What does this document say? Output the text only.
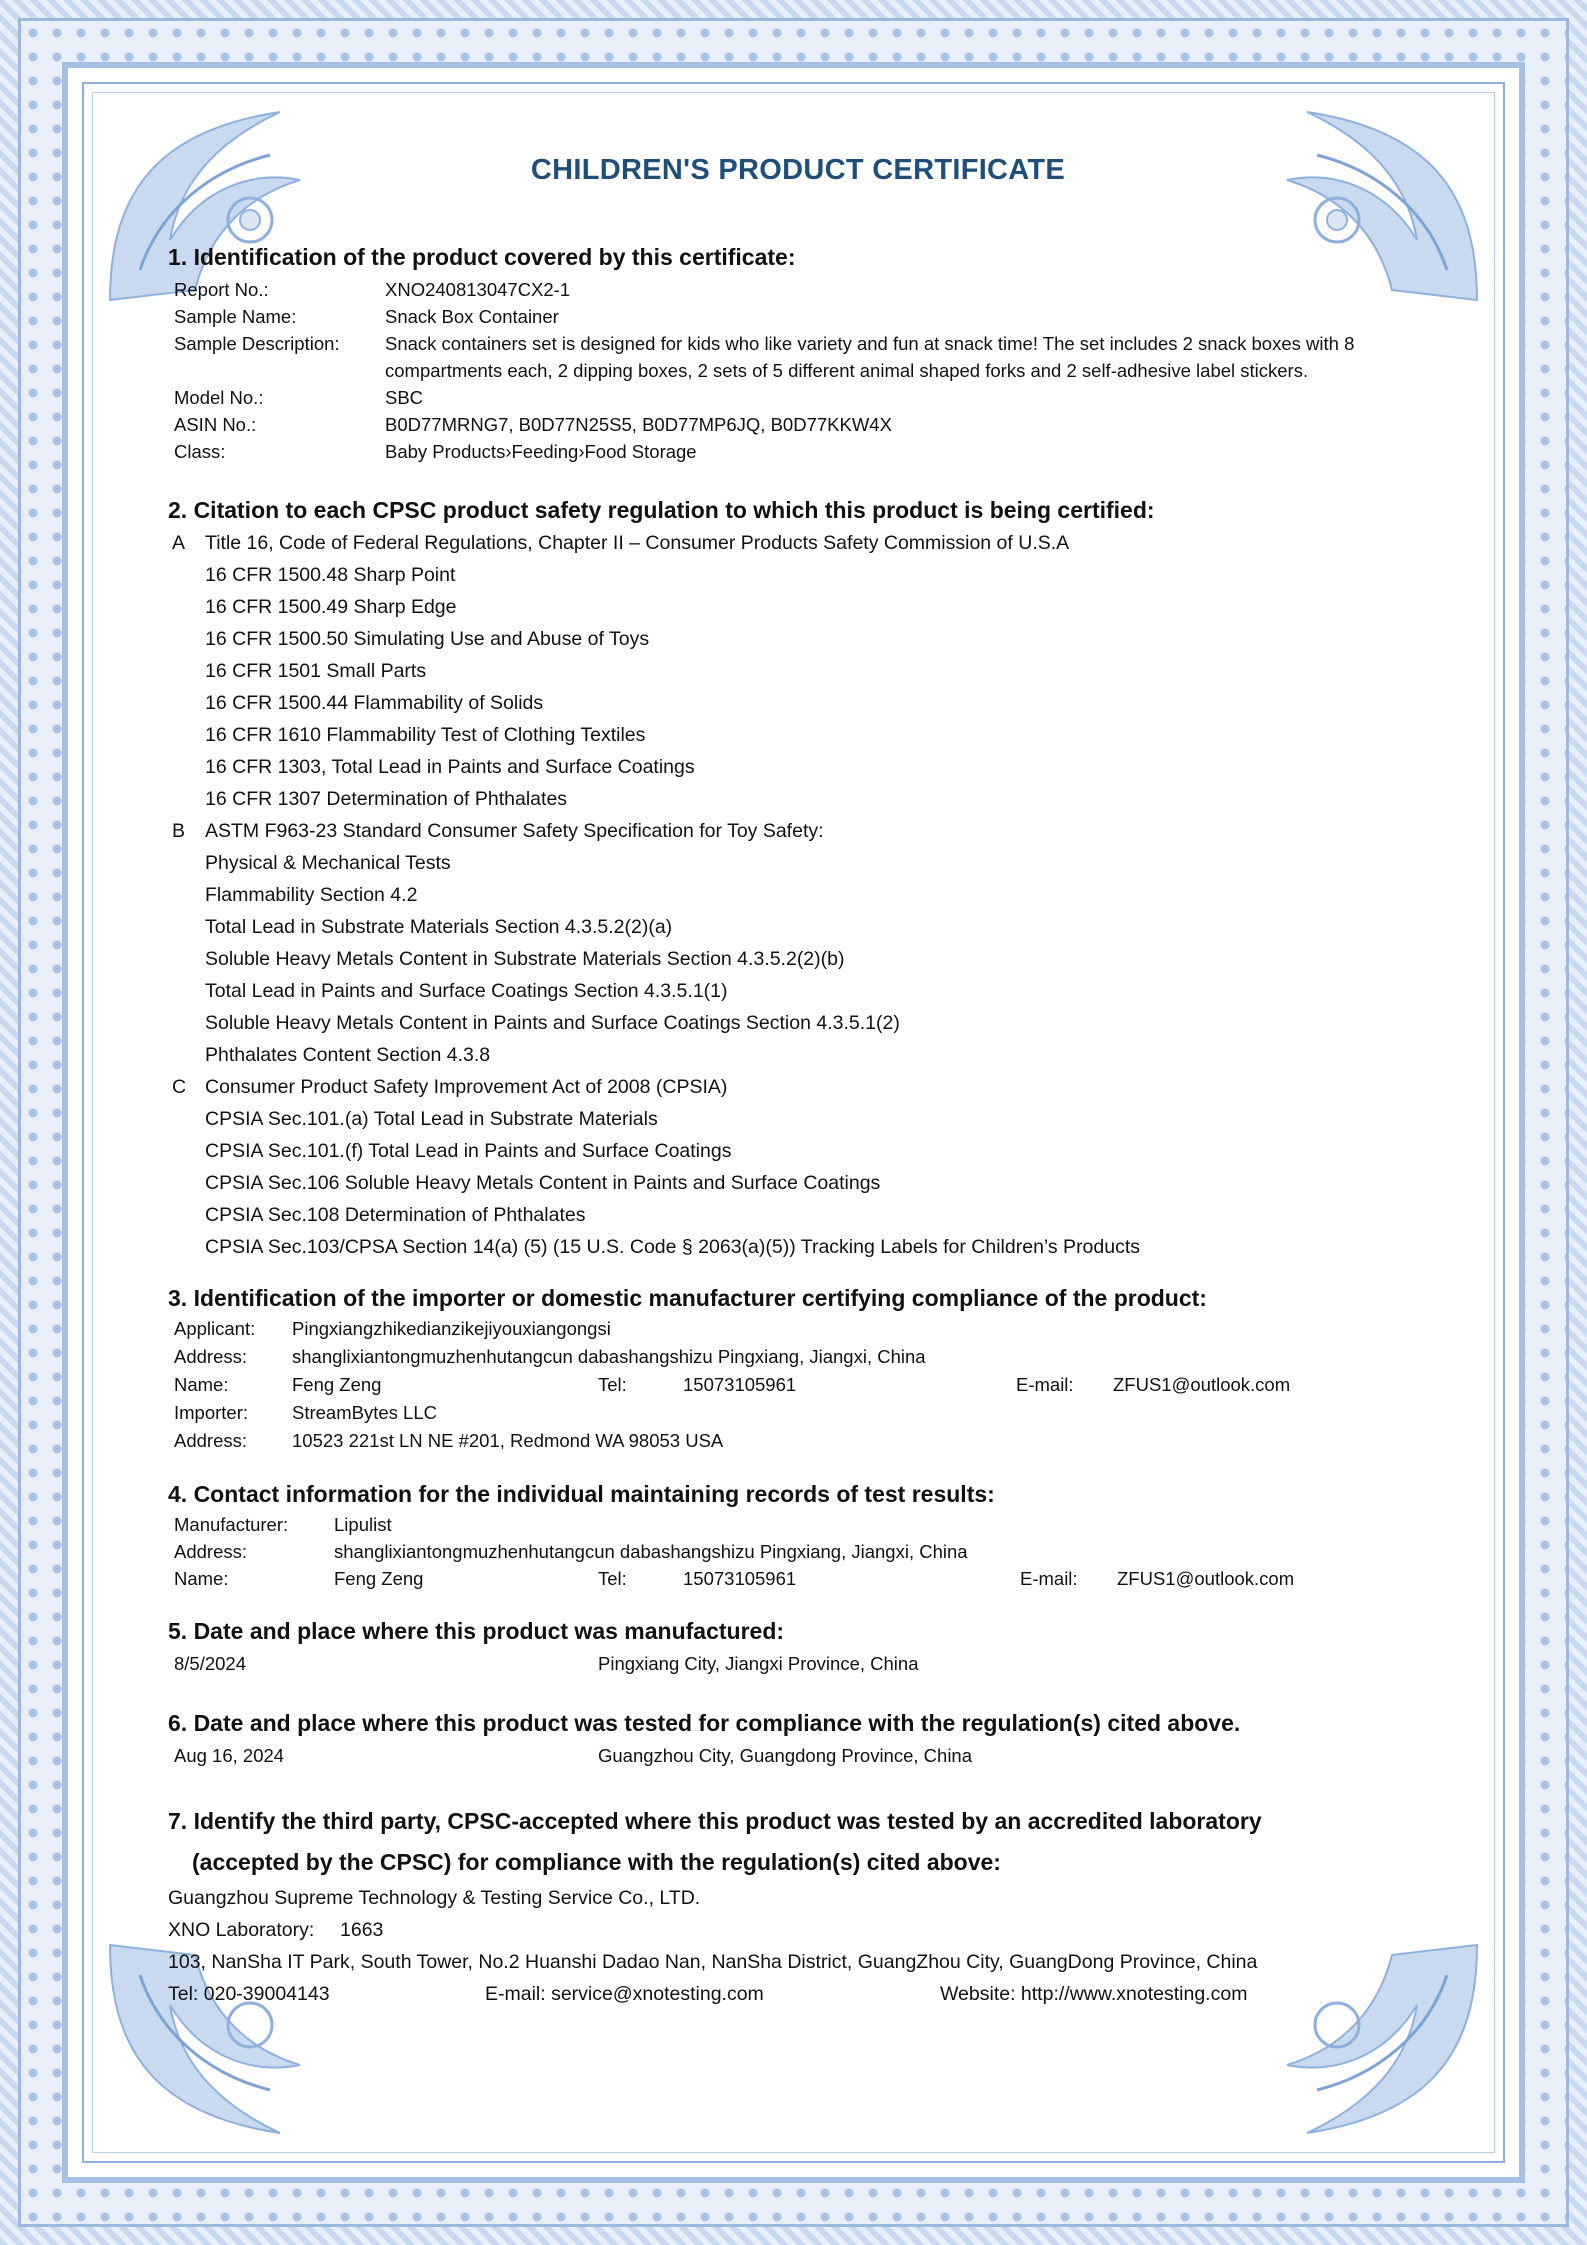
CHILDREN'S PRODUCT CERTIFICATE
1. Identification of the product covered by this certificate:
Report No.:	XNO240813047CX2-1
Sample Name:	Snack Box Container
Sample Description: Snack containers set is designed for kids who like variety and fun at snack time! The set includes 2 snack boxes with 8 compartments each, 2 dipping boxes, 2 sets of 5 different animal shaped forks and 2 self-adhesive label stickers.
Model No.:	SBC
ASIN No.:	B0D77MRNG7, B0D77N25S5, B0D77MP6JQ, B0D77KKW4X
Class:	Baby Products›Feeding›Food Storage
2. Citation to each CPSC product safety regulation to which this product is being certified:
A Title 16, Code of Federal Regulations, Chapter II – Consumer Products Safety Commission of U.S.A
16 CFR 1500.48 Sharp Point
16 CFR 1500.49 Sharp Edge
16 CFR 1500.50 Simulating Use and Abuse of Toys
16 CFR 1501 Small Parts
16 CFR 1500.44 Flammability of Solids
16 CFR 1610 Flammability Test of Clothing Textiles
16 CFR 1303, Total Lead in Paints and Surface Coatings
16 CFR 1307 Determination of Phthalates
B ASTM F963-23 Standard Consumer Safety Specification for Toy Safety:
Physical & Mechanical Tests
Flammability Section 4.2
Total Lead in Substrate Materials Section 4.3.5.2(2)(a)
Soluble Heavy Metals Content in Substrate Materials Section 4.3.5.2(2)(b)
Total Lead in Paints and Surface Coatings Section 4.3.5.1(1)
Soluble Heavy Metals Content in Paints and Surface Coatings Section 4.3.5.1(2)
Phthalates Content Section 4.3.8
C Consumer Product Safety Improvement Act of 2008 (CPSIA)
CPSIA Sec.101.(a) Total Lead in Substrate Materials
CPSIA Sec.101.(f) Total Lead in Paints and Surface Coatings
CPSIA Sec.106 Soluble Heavy Metals Content in Paints and Surface Coatings
CPSIA Sec.108 Determination of Phthalates
CPSIA Sec.103/CPSA Section 14(a) (5) (15 U.S. Code § 2063(a)(5)) Tracking Labels for Children’s Products
3. Identification of the importer or domestic manufacturer certifying compliance of the product:
Applicant: Pingxiangzhikedianzikejiyouxiangongsi
Address: shanglixiantongmuzhenhutangcun dabashangshizu Pingxiang, Jiangxi, China
Name:	Feng Zeng	Tel:	15073105961	E-mail: ZFUS1@outlook.com
Importer: StreamBytes LLC
Address: 10523 221st LN NE #201, Redmond WA 98053 USA
4. Contact information for the individual maintaining records of test results:
Manufacturer: Lipulist
Address:	shanglixiantongmuzhenhutangcun dabashangshizu Pingxiang, Jiangxi, China
Name:	Feng Zeng	Tel:	15073105961	E-mail: ZFUS1@outlook.com
5. Date and place where this product was manufactured:
8/5/2024	Pingxiang City, Jiangxi Province, China
6. Date and place where this product was tested for compliance with the regulation(s) cited above.
Aug 16, 2024	Guangzhou City, Guangdong Province, China
7. Identify the third party, CPSC-accepted where this product was tested by an accredited laboratory
(accepted by the CPSC) for compliance with the regulation(s) cited above:
Guangzhou Supreme Technology & Testing Service Co., LTD.
XNO Laboratory: 1663
103, NanSha IT Park, South Tower, No.2 Huanshi Dadao Nan, NanSha District, GuangZhou City, GuangDong Province, China
Tel: 020-39004143	E-mail: service@xnotesting.com	Website: http://www.xnotesting.com
